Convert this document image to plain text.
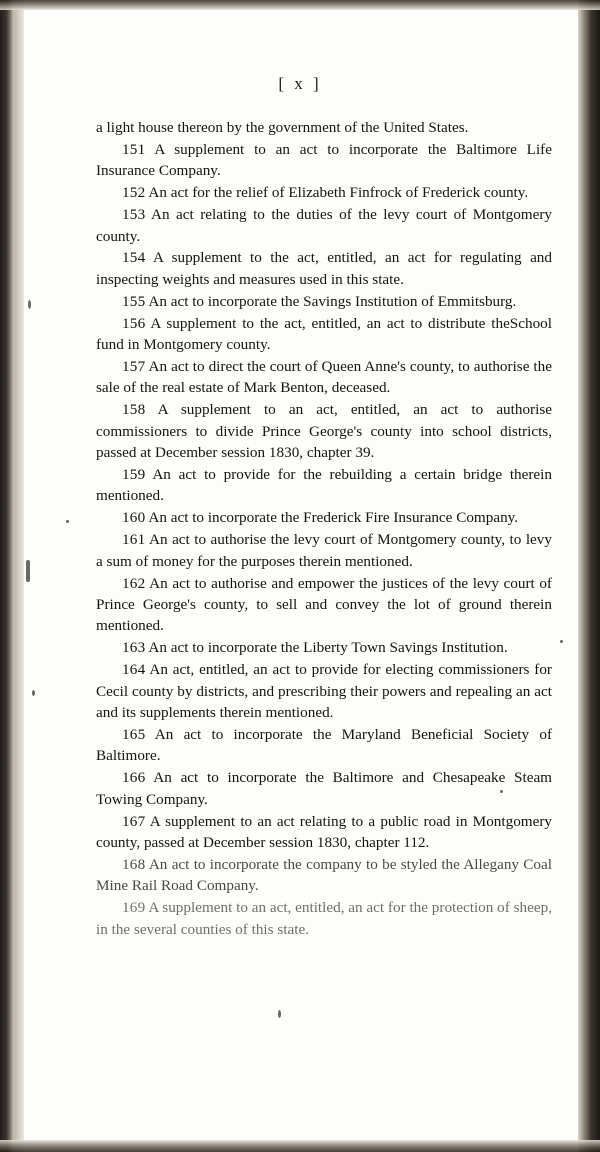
[ x ]

a light house thereon by the government of the United States.

151 A supplement to an act to incorporate the Baltimore Life Insurance Company.

152 An act for the relief of Elizabeth Finfrock of Frederick county.

153 An act relating to the duties of the levy court of Montgomery county.

154 A supplement to the act, entitled, an act for regulating and inspecting weights and measures used in this state.

155 An act to incorporate the Savings Institution of Emmitsburg.

156 A supplement to the act, entitled, an act to distribute theSchool fund in Montgomery county.

157 An act to direct the court of Queen Anne's county, to authorise the sale of the real estate of Mark Benton, deceased.

158 A supplement to an act, entitled, an act to authorise commissioners to divide Prince George's county into school districts, passed at December session 1830, chapter 39.

159 An act to provide for the rebuilding a certain bridge therein mentioned.

160 An act to incorporate the Frederick Fire Insurance Company.

161 An act to authorise the levy court of Montgomery county, to levy a sum of money for the purposes therein mentioned.

162 An act to authorise and empower the justices of the levy court of Prince George's county, to sell and convey the lot of ground therein mentioned.

163 An act to incorporate the Liberty Town Savings Institution.

164 An act, entitled, an act to provide for electing commissioners for Cecil county by districts, and prescribing their powers and repealing an act and its supplements therein mentioned.

165 An act to incorporate the Maryland Beneficial Society of Baltimore.

166 An act to incorporate the Baltimore and Chesapeake Steam Towing Company.

167 A supplement to an act relating to a public road in Montgomery county, passed at December session 1830, chapter 112.

168 An act to incorporate the company to be styled the Allegany Coal Mine Rail Road Company.

169 A supplement to an act, entitled, an act for the protection of sheep, in the several counties of this state.
